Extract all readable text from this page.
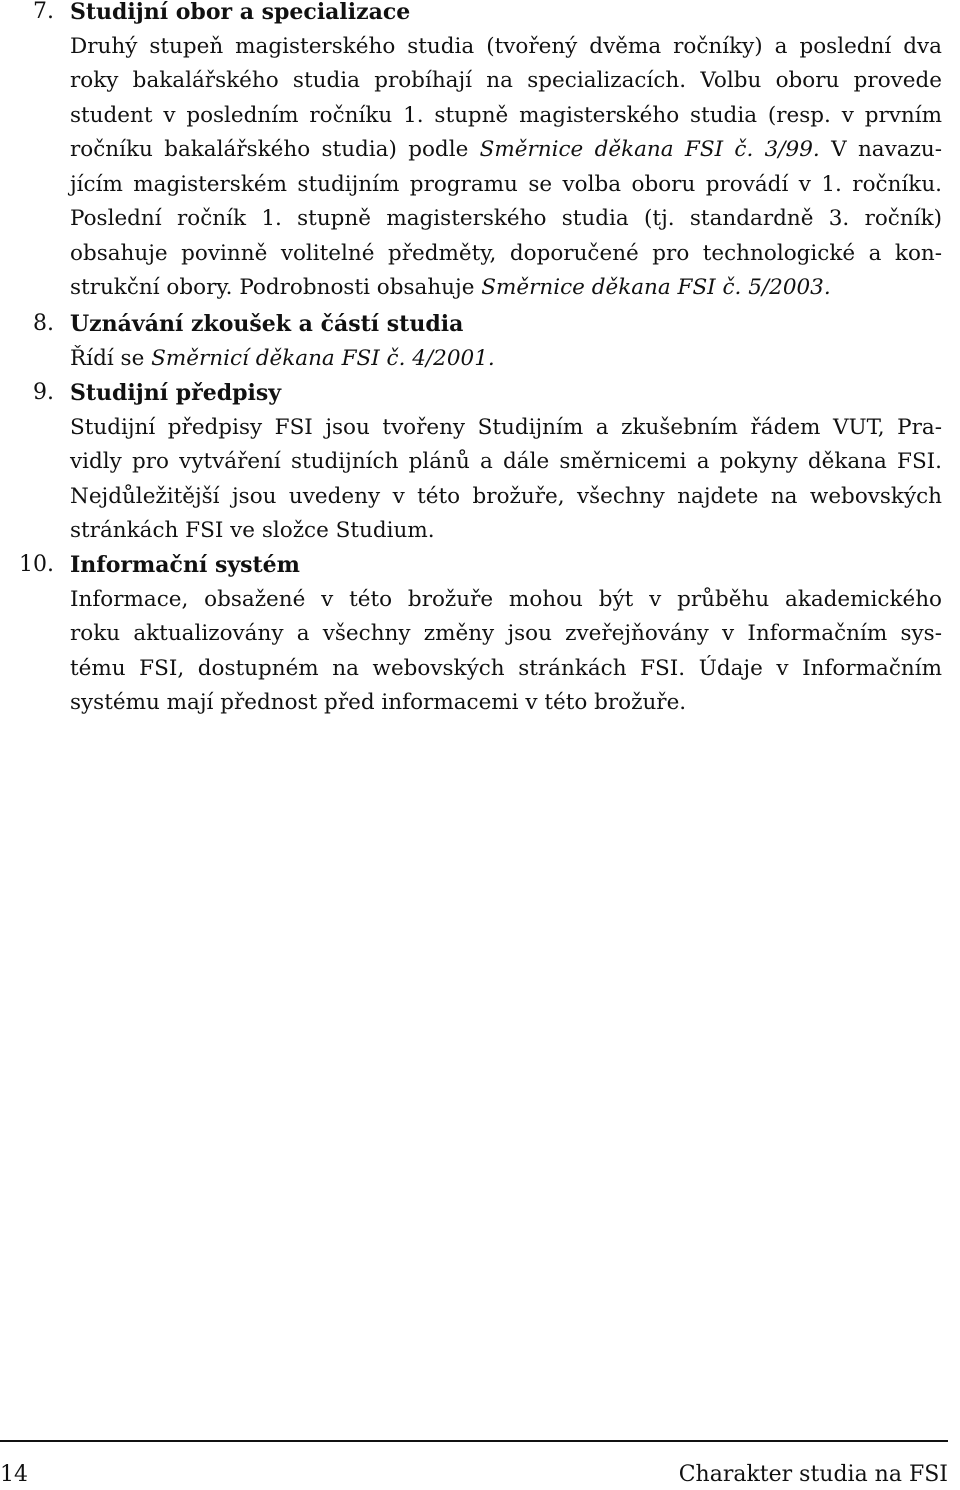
7. Studijní obor a specializace
Druhý stupeň magisterského studia (tvořený dvěma ročníky) a poslední dva
roky bakalářského studia probíhají na specializacích. Volbu oboru provede
student v posledním ročníku 1. stupně magisterského studia (resp. v prvním
ročníku bakalářského studia) podle Směrnice děkana FSI č. 3/99. V navazu-
jícím magisterském studijním programu se volba oboru provádí v 1. ročníku.
Poslední ročník 1. stupně magisterského studia (tj. standardně 3. ročník)
obsahuje povinně volitelné předměty, doporučené pro technologické a kon-
strukční obory. Podrobnosti obsahuje Směrnice děkana FSI č. 5/2003.
8. Uznávání zkoušek a částí studia
Řídí se Směrnicí děkana FSI č. 4/2001.
9. Studijní předpisy
Studijní předpisy FSI jsou tvořeny Studijním a zkušebním řádem VUT, Pra-
vidly pro vytváření studijních plánů a dále směrnicemi a pokyny děkana FSI.
Nejdůležitější jsou uvedeny v této brožuře, všechny najdete na webovských
stránkách FSI ve složce Studium.
10. Informační systém
Informace, obsažené v této brožuře mohou být v průběhu akademického
roku aktualizovány a všechny změny jsou zveřejňovány v Informačním sys-
tému FSI, dostupném na webovských stránkách FSI. Údaje v Informačním
systému mají přednost před informacemi v této brožuře.
14	Charakter studia na FSI
